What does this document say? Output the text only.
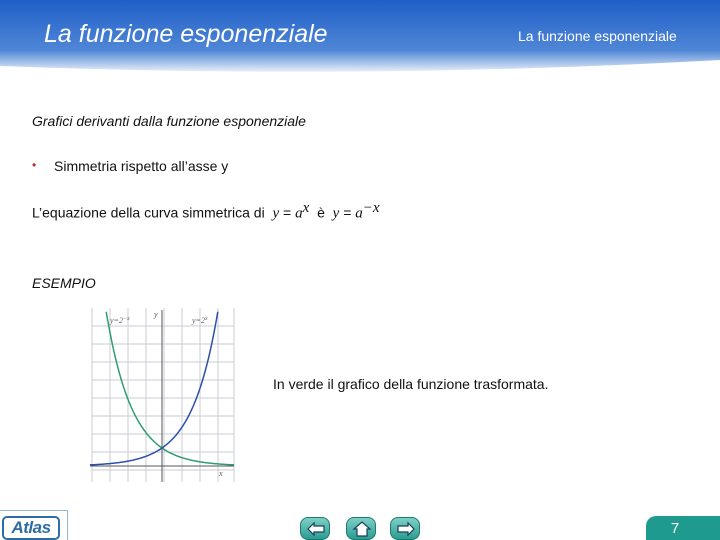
La funzione esponenziale	La funzione esponenziale
Grafici derivanti dalla funzione esponenziale
• Simmetria rispetto all’asse y
L’equazione della curva simmetrica di $y = a^x$ è $y = a^{-x}$
ESEMPIO
$y=2^{-x}$	$y=2^x$
y
x
In verde il grafico della funzione trasformata.
Atlas	7
